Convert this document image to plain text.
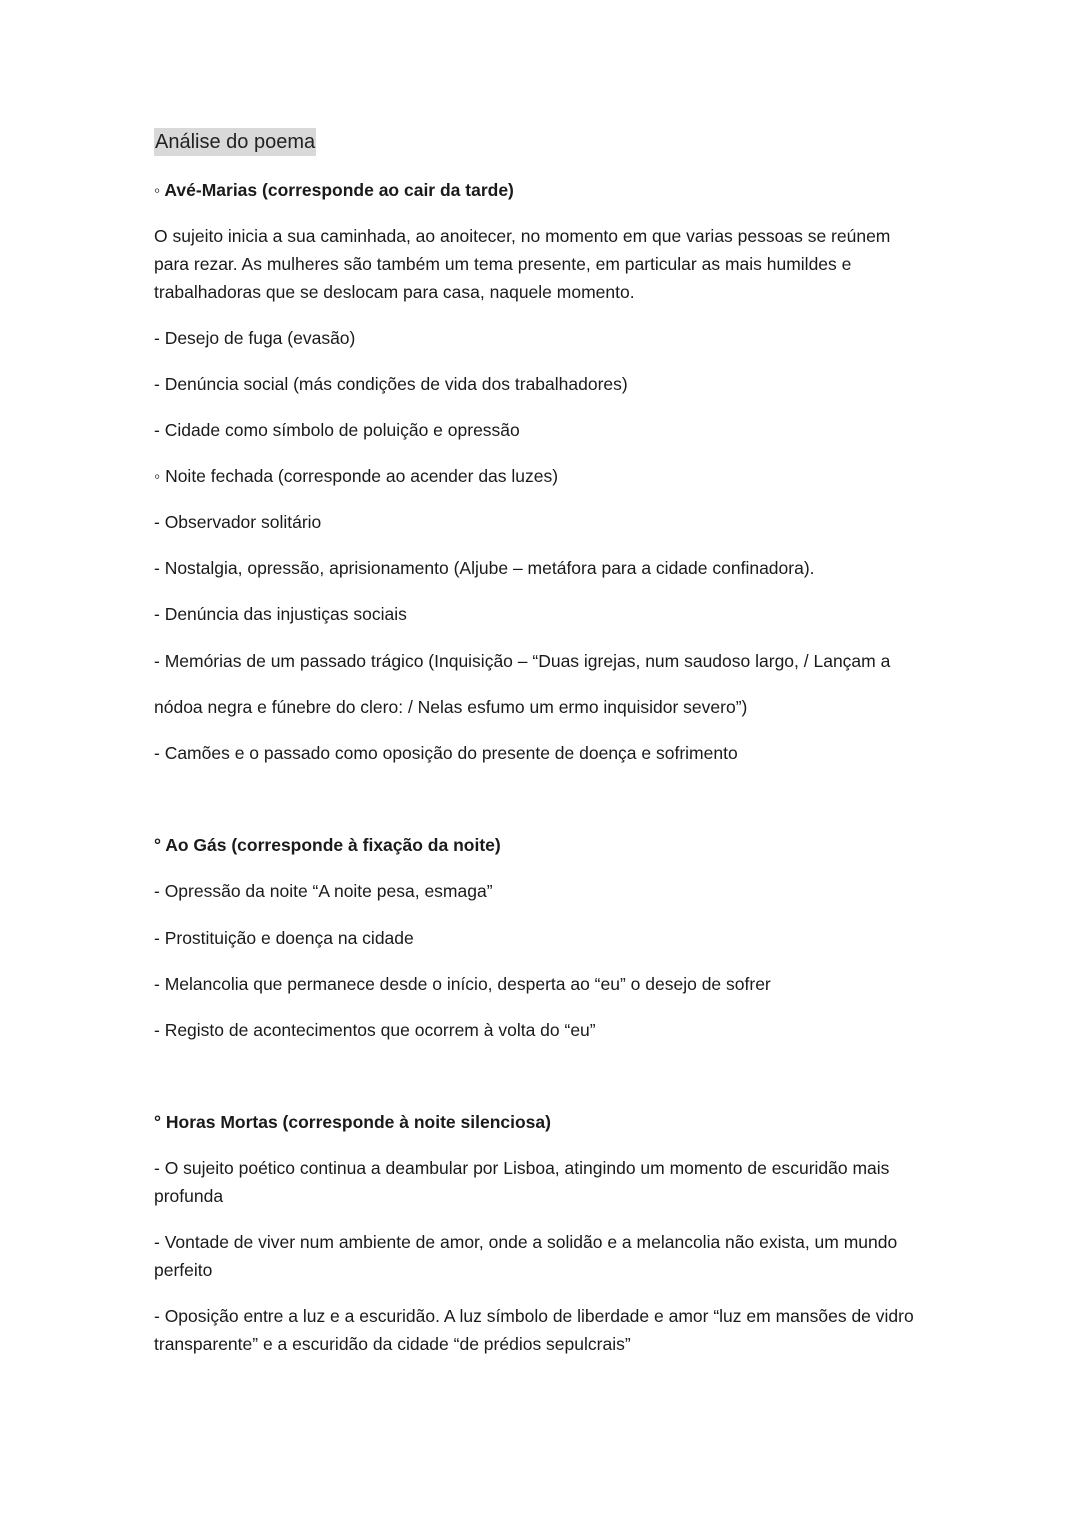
Análise do poema

◦ Avé-Marias (corresponde ao cair da tarde)

O sujeito inicia a sua caminhada, ao anoitecer, no momento em que varias pessoas se reúnem para rezar. As mulheres são também um tema presente, em particular as mais humildes e trabalhadoras que se deslocam para casa, naquele momento.

- Desejo de fuga (evasão)

- Denúncia social (más condições de vida dos trabalhadores)

- Cidade como símbolo de poluição e opressão

◦ Noite fechada (corresponde ao acender das luzes)

- Observador solitário

- Nostalgia, opressão, aprisionamento (Aljube – metáfora para a cidade confinadora).

- Denúncia das injustiças sociais

- Memórias de um passado trágico (Inquisição – “Duas igrejas, num saudoso largo, / Lançam a

nódoa negra e fúnebre do clero: / Nelas esfumo um ermo inquisidor severo”)

- Camões e o passado como oposição do presente de doença e sofrimento

° Ao Gás (corresponde à fixação da noite)

- Opressão da noite “A noite pesa, esmaga”

- Prostituição e doença na cidade

- Melancolia que permanece desde o início, desperta ao “eu” o desejo de sofrer

- Registo de acontecimentos que ocorrem à volta do “eu”

° Horas Mortas (corresponde à noite silenciosa)

- O sujeito poético continua a deambular por Lisboa, atingindo um momento de escuridão mais profunda

- Vontade de viver num ambiente de amor, onde a solidão e a melancolia não exista, um mundo perfeito

- Oposição entre a luz e a escuridão. A luz símbolo de liberdade e amor “luz em mansões de vidro transparente” e a escuridão da cidade “de prédios sepulcrais”
